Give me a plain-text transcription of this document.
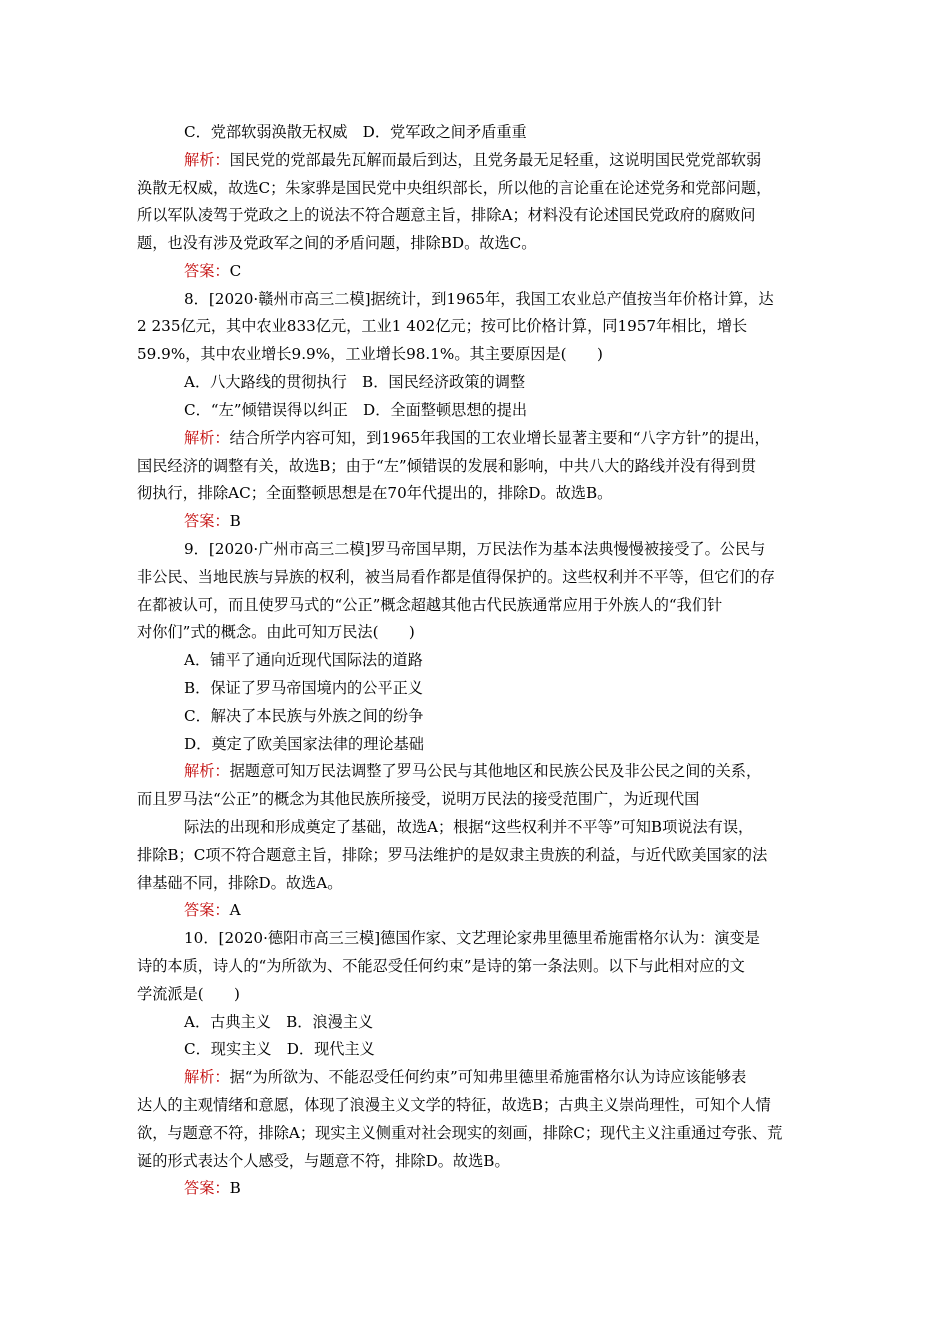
C．党部软弱涣散无权威　D．党军政之间矛盾重重
解析：国民党的党部最先瓦解而最后到达，且党务最无足轻重，这说明国民党党部软弱
涣散无权威，故选C；朱家骅是国民党中央组织部长，所以他的言论重在论述党务和党部问题，
所以军队凌驾于党政之上的说法不符合题意主旨，排除A；材料没有论述国民党政府的腐败问
题，也没有涉及党政军之间的矛盾问题，排除BD。故选C。
答案：C
8．[2020·赣州市高三二模]据统计，到1965年，我国工农业总产值按当年价格计算，达
2 235亿元，其中农业833亿元，工业1 402亿元；按可比价格计算，同1957年相比，增长
59.9%，其中农业增长9.9%，工业增长98.1%。其主要原因是(　　)
A．八大路线的贯彻执行　B．国民经济政策的调整
C．“左”倾错误得以纠正　D．全面整顿思想的提出
解析：结合所学内容可知，到1965年我国的工农业增长显著主要和“八字方针”的提出，
国民经济的调整有关，故选B；由于“左”倾错误的发展和影响，中共八大的路线并没有得到贯
彻执行，排除AC；全面整顿思想是在70年代提出的，排除D。故选B。
答案：B
9．[2020·广州市高三二模]罗马帝国早期，万民法作为基本法典慢慢被接受了。公民与
非公民、当地民族与异族的权利，被当局看作都是值得保护的。这些权利并不平等，但它们的存
在都被认可，而且使罗马式的“公正”概念超越其他古代民族通常应用于外族人的“我们针
对你们”式的概念。由此可知万民法(　　)
A．铺平了通向近现代国际法的道路
B．保证了罗马帝国境内的公平正义
C．解决了本民族与外族之间的纷争
D．奠定了欧美国家法律的理论基础
解析：据题意可知万民法调整了罗马公民与其他地区和民族公民及非公民之间的关系，
而且罗马法“公正”的概念为其他民族所接受，说明万民法的接受范围广，为近现代国
际法的出现和形成奠定了基础，故选A；根据“这些权利并不平等”可知B项说法有误，
排除B；C项不符合题意主旨，排除；罗马法维护的是奴隶主贵族的利益，与近代欧美国家的法
律基础不同，排除D。故选A。
答案：A
10．[2020·德阳市高三三模]德国作家、文艺理论家弗里德里希施雷格尔认为：演变是
诗的本质，诗人的“为所欲为、不能忍受任何约束”是诗的第一条法则。以下与此相对应的文
学流派是(　　)
A．古典主义　B．浪漫主义
C．现实主义　D．现代主义
解析：据“为所欲为、不能忍受任何约束”可知弗里德里希施雷格尔认为诗应该能够表
达人的主观情绪和意愿，体现了浪漫主义文学的特征，故选B；古典主义崇尚理性，可知个人情
欲，与题意不符，排除A；现实主义侧重对社会现实的刻画，排除C；现代主义注重通过夸张、荒
诞的形式表达个人感受，与题意不符，排除D。故选B。
答案：B
